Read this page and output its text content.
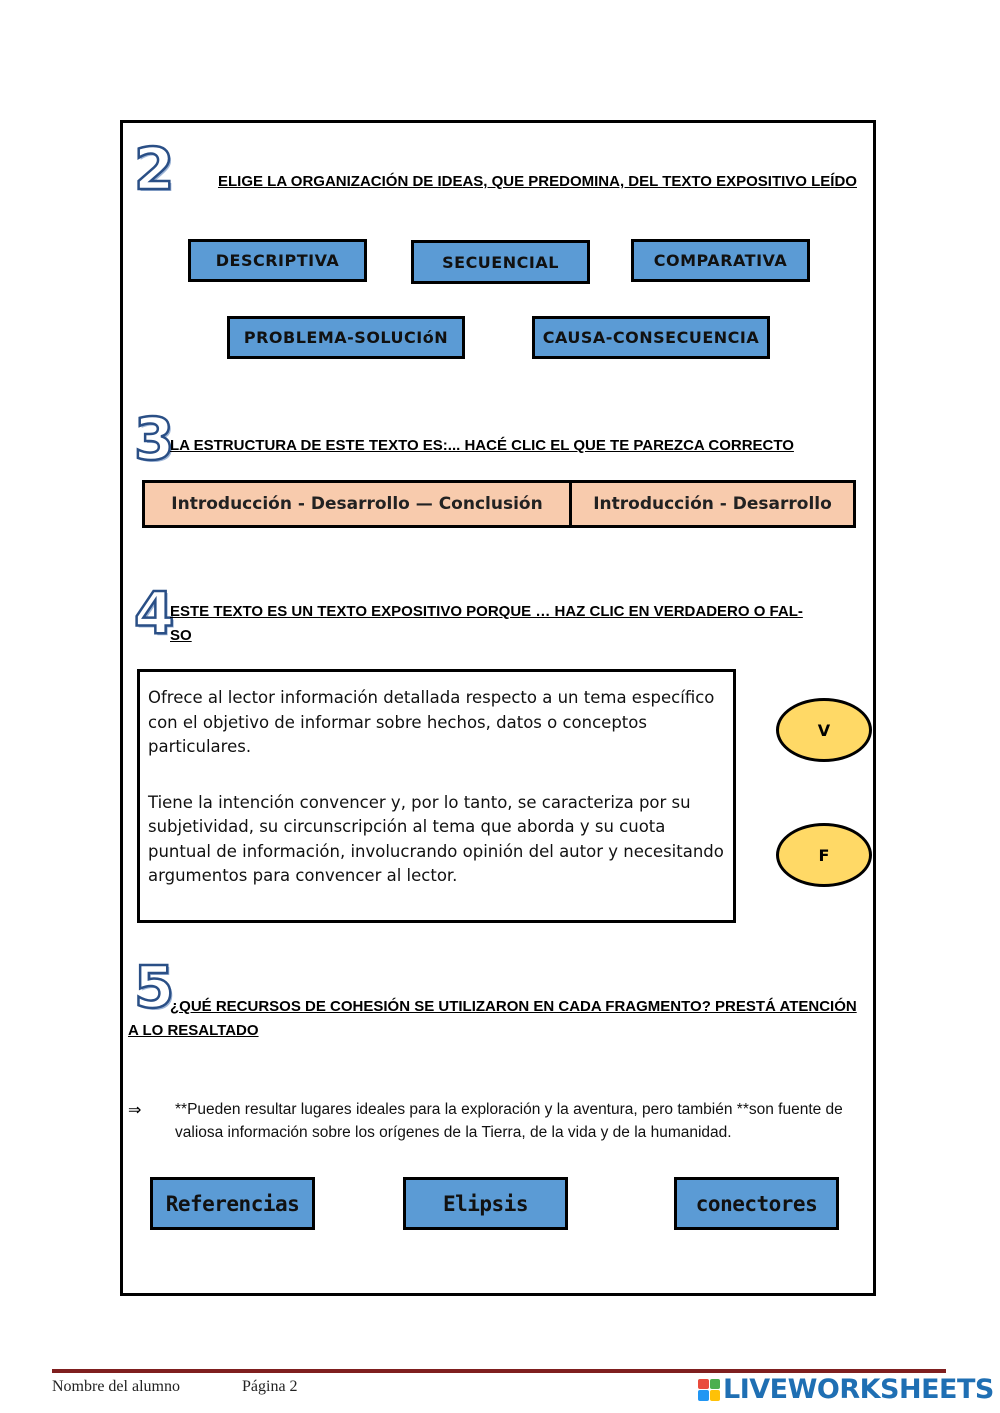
2	ELIGE LA ORGANIZACIÓN DE IDEAS, QUE PREDOMINA, DEL TEXTO EXPOSITIVO LEÍDO

DESCRIPTIVA	SECUENCIAL	COMPARATIVA
PROBLEMA-SOLUCIóN	CAUSA-CONSECUENCIA
3

LA ESTRUCTURA DE ESTE TEXTO ES:... HACÉ CLIC EL QUE TE PAREZCA CORRECTO

Introducción - Desarrollo — Conclusión	Introducción - Desarrollo
4

ESTE TEXTO ES UN TEXTO EXPOSITIVO PORQUE … HAZ CLIC EN VERDADERO O FAL-

SO

Ofrece al lector información detallada respecto a un tema específico con el objetivo de informar sobre hechos, datos o conceptos particulares.

Tiene la intención convencer y, por lo tanto, se caracteriza por su subjetividad, su circunscripción al tema que aborda y su cuota puntual de información, involucrando opinión del autor y necesitando argumentos para convencer al lector.

V
F
5

¿QUÉ RECURSOS DE COHESIÓN SE UTILIZARON EN CADA FRAGMENTO? PRESTÁ ATENCIÓN

A LO RESALTADO

⇒ **Pueden resultar lugares ideales para la exploración y la aventura, pero también **son fuente de valiosa información sobre los orígenes de la Tierra, de la vida y de la humanidad.

Referencias	Elipsis	conectores
Nombre del alumno	Página 2	LIVEWORKSHEETS
